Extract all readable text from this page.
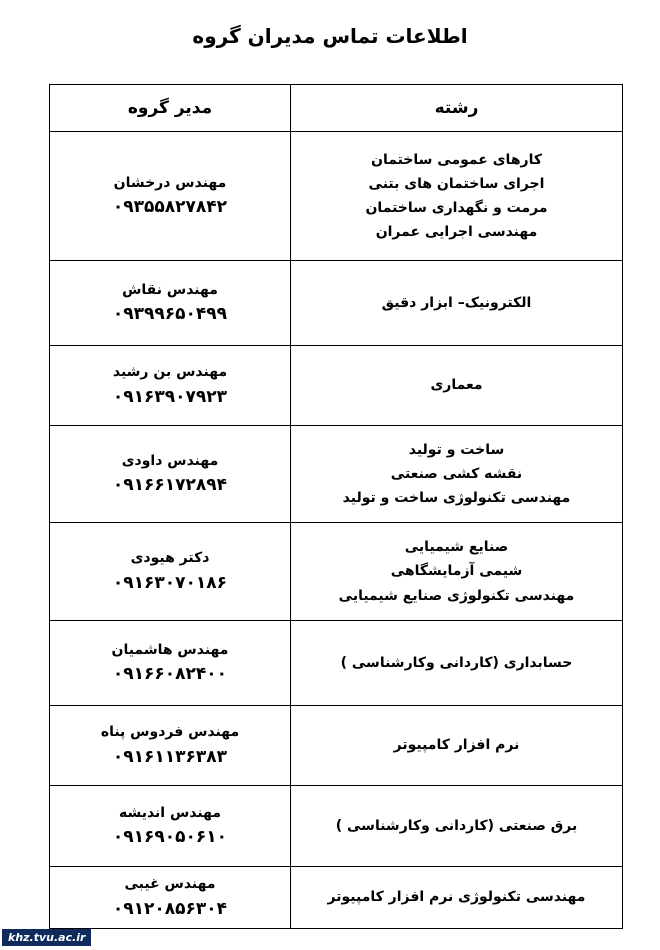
اطلاعات تماس مدیران گروه
رشته	مدیر گروه

کارهای عمومی ساختمان
اجرای ساختمان های بتنی
مرمت و نگهداری ساختمان
مهندسی اجرایی عمران	مهندس درخشان
۰۹۳۵۵۸۲۷۸۴۲

الکترونیک– ابزار دقیق	مهندس نقاش
۰۹۳۹۹۶۵۰۴۹۹

معماری	مهندس بن رشید
۰۹۱۶۳۹۰۷۹۲۳

ساخت و تولید
نقشه کشی صنعتی
مهندسی تکنولوژی ساخت و تولید	مهندس داودی
۰۹۱۶۶۱۷۲۸۹۴

صنایع شیمیایی
شیمی آزمایشگاهی
مهندسی تکنولوژی صنایع شیمیایی	دکتر هیودی
۰۹۱۶۳۰۷۰۱۸۶

حسابداری (کاردانی وکارشناسی )	مهندس هاشمیان
۰۹۱۶۶۰۸۲۴۰۰

نرم افزار کامپیوتر	مهندس فردوس پناه
۰۹۱۶۱۱۳۶۳۸۳

برق صنعتی (کاردانی وکارشناسی )	مهندس اندیشه
۰۹۱۶۹۰۵۰۶۱۰

مهندسی تکنولوژی نرم افزار کامپیوتر	مهندس غیبی
۰۹۱۲۰۸۵۶۳۰۴
khz.tvu.ac.ir
